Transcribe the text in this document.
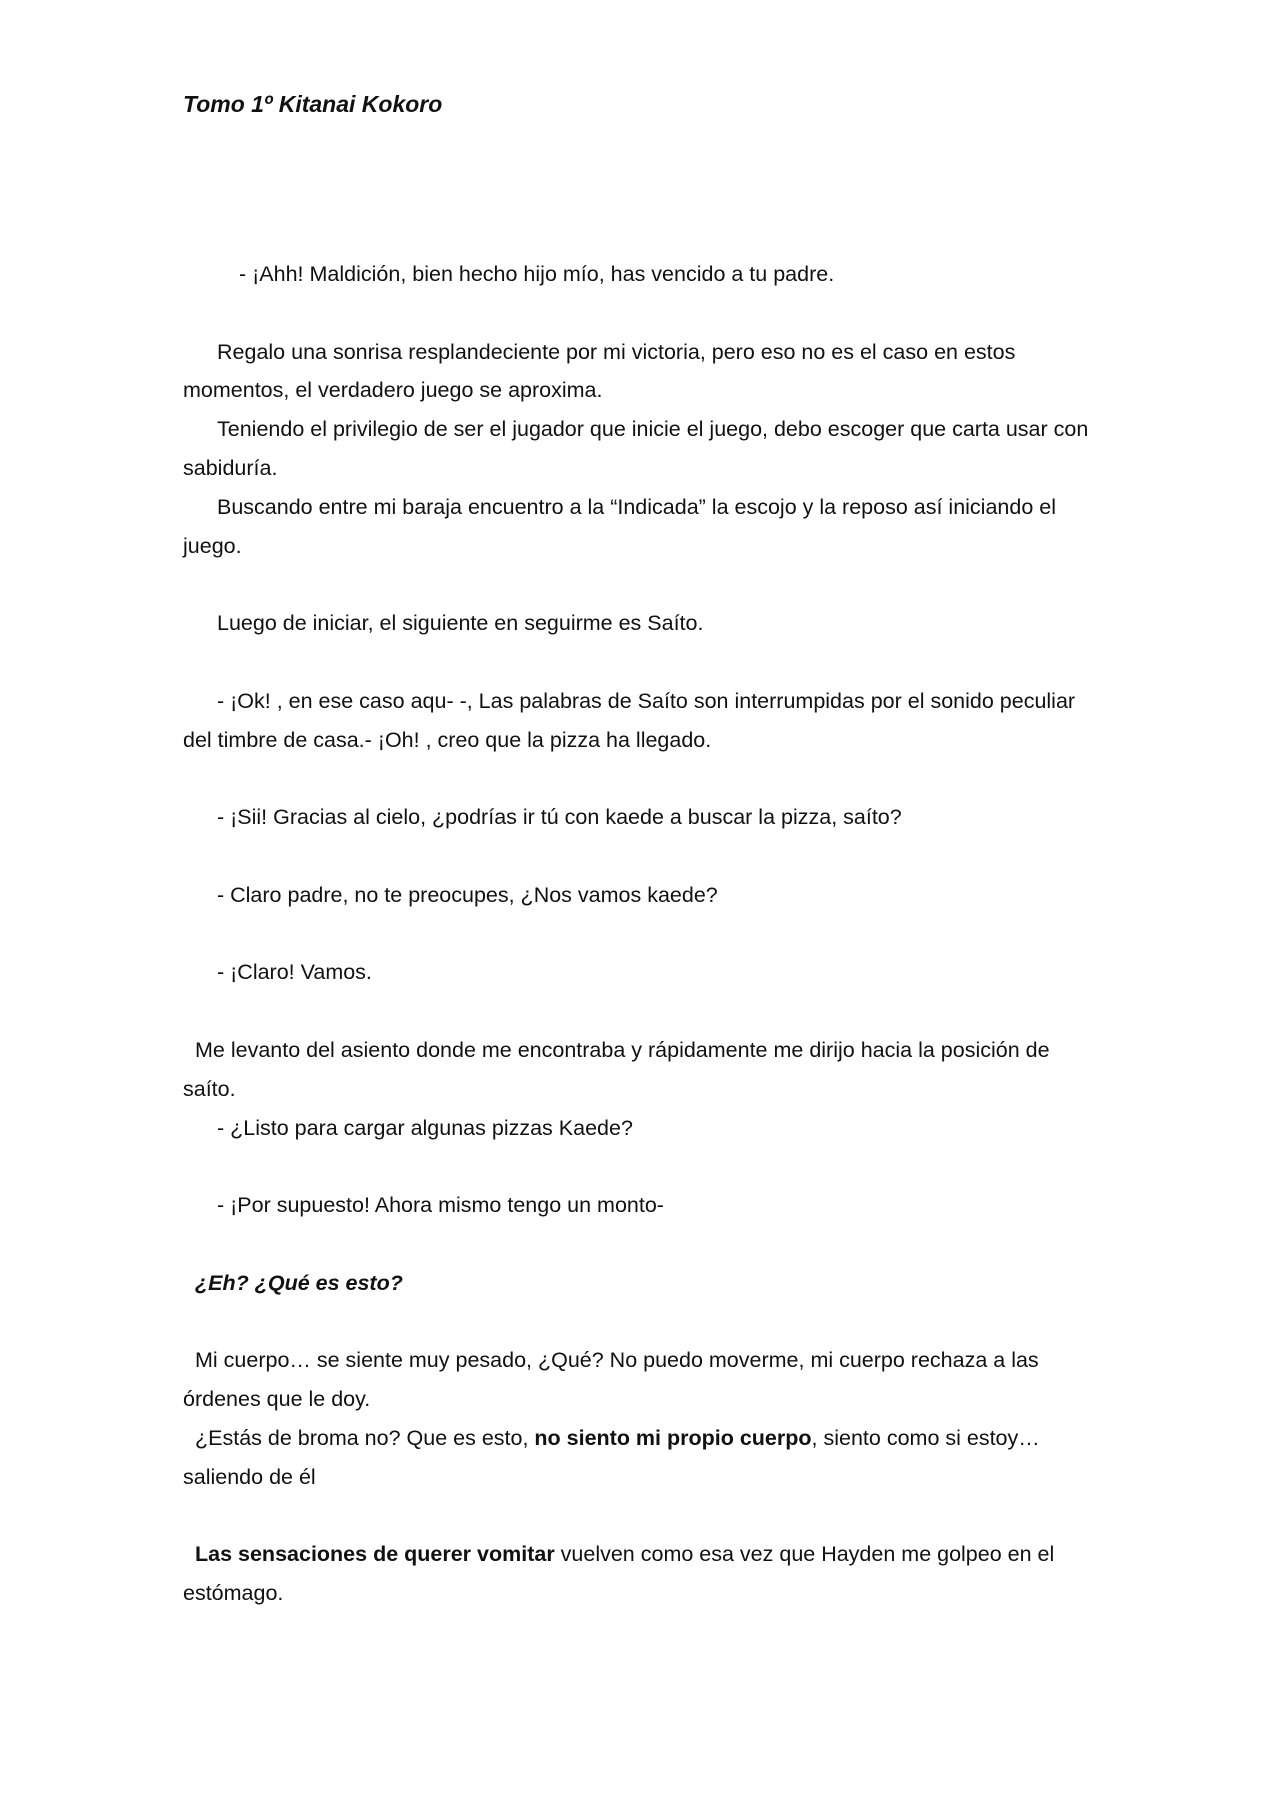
Tomo 1º Kitanai Kokoro

- ¡Ahh! Maldición, bien hecho hijo mío, has vencido a tu padre.

Regalo una sonrisa resplandeciente por mi victoria, pero eso no es el caso en estos momentos, el verdadero juego se aproxima.

Teniendo el privilegio de ser el jugador que inicie el juego, debo escoger que carta usar con sabiduría.

Buscando entre mi baraja encuentro a la “Indicada” la escojo y la reposo así iniciando el juego.

Luego de iniciar, el siguiente en seguirme es Saíto.

- ¡Ok! , en ese caso aqu- -, Las palabras de Saíto son interrumpidas por el sonido peculiar del timbre de casa.- ¡Oh! , creo que la pizza ha llegado.

- ¡Sii! Gracias al cielo, ¿podrías ir tú con kaede a buscar la pizza, saíto?

- Claro padre, no te preocupes, ¿Nos vamos kaede?

- ¡Claro! Vamos.

Me levanto del asiento donde me encontraba y rápidamente me dirijo hacia la posición de saíto.

- ¿Listo para cargar algunas pizzas Kaede?

- ¡Por supuesto! Ahora mismo tengo un monto-

¿Eh? ¿Qué es esto?

Mi cuerpo… se siente muy pesado, ¿Qué? No puedo moverme, mi cuerpo rechaza a las órdenes que le doy.

¿Estás de broma no? Que es esto, no siento mi propio cuerpo, siento como si estoy… saliendo de él

Las sensaciones de querer vomitar vuelven como esa vez que Hayden me golpeo en el estómago.
